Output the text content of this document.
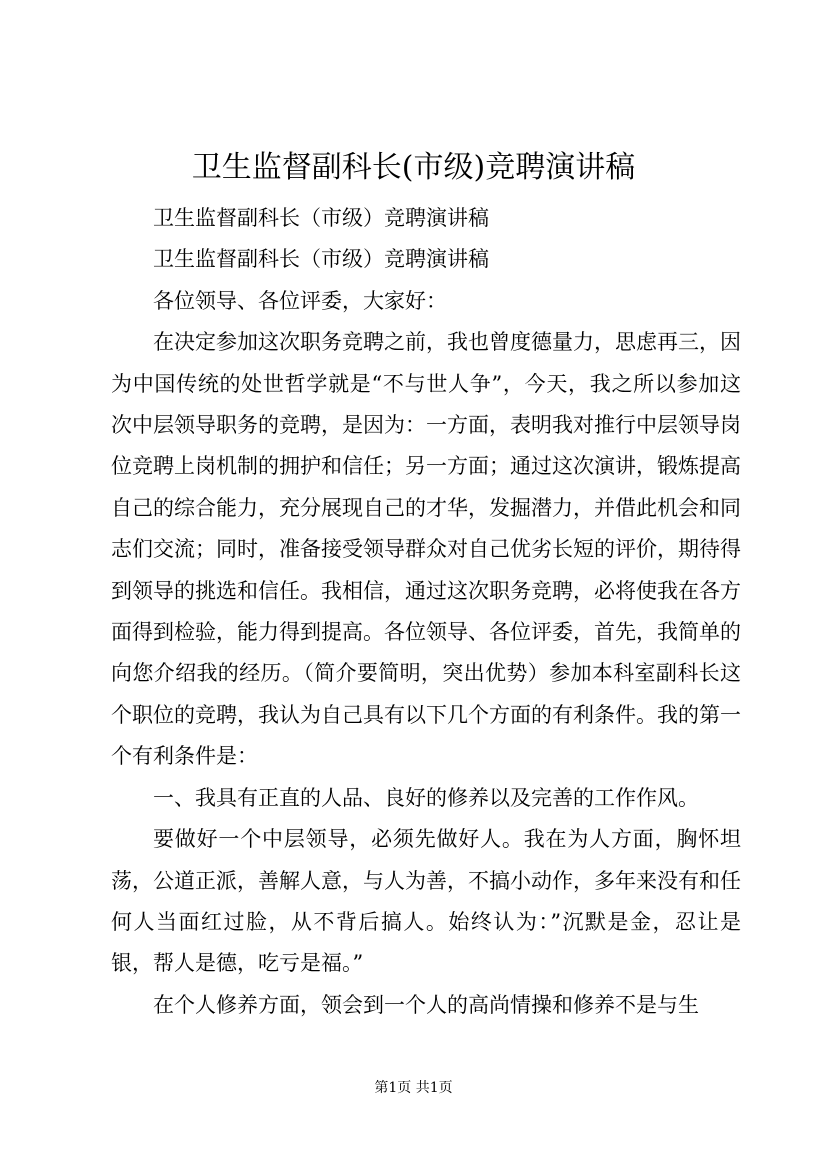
卫生监督副科长(市级)竞聘演讲稿

卫生监督副科长（市级）竞聘演讲稿

卫生监督副科长（市级）竞聘演讲稿

各位领导、各位评委，大家好：

在决定参加这次职务竞聘之前，我也曾度德量力，思虑再三，因为中国传统的处世哲学就是“不与世人争”，今天，我之所以参加这次中层领导职务的竞聘，是因为：一方面，表明我对推行中层领导岗位竞聘上岗机制的拥护和信任；另一方面；通过这次演讲，锻炼提高自己的综合能力，充分展现自己的才华，发掘潜力，并借此机会和同志们交流；同时，准备接受领导群众对自己优劣长短的评价，期待得到领导的挑选和信任。我相信，通过这次职务竞聘，必将使我在各方面得到检验，能力得到提高。各位领导、各位评委，首先，我简单的向您介绍我的经历。（简介要简明，突出优势）参加本科室副科长这个职位的竞聘，我认为自己具有以下几个方面的有利条件。我的第一个有利条件是：

一、我具有正直的人品、良好的修养以及完善的工作作风。

要做好一个中层领导，必须先做好人。我在为人方面，胸怀坦荡，公道正派，善解人意，与人为善，不搞小动作，多年来没有和任何人当面红过脸，从不背后搞人。始终认为：”沉默是金，忍让是银，帮人是德，吃亏是福。”

在个人修养方面，领会到一个人的高尚情操和修养不是与生

第1页 共1页
